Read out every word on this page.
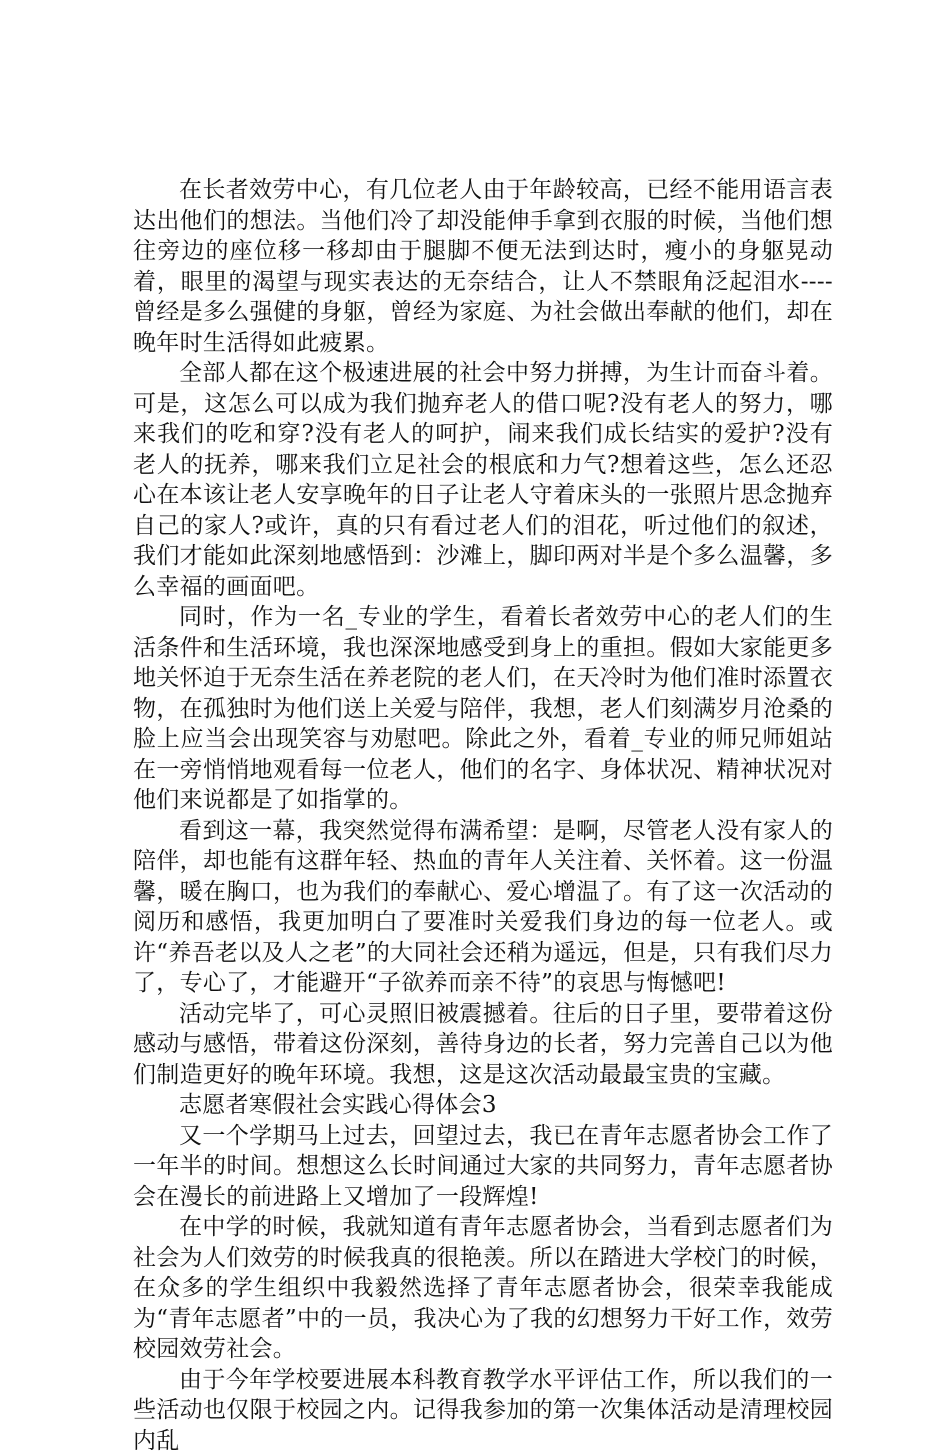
在长者效劳中心，有几位老人由于年龄较高，已经不能用语言表达出他们的想法。当他们冷了却没能伸手拿到衣服的时候，当他们想往旁边的座位移一移却由于腿脚不便无法到达时，瘦小的身躯晃动着，眼里的渴望与现实表达的无奈结合，让人不禁眼角泛起泪水----曾经是多么强健的身躯，曾经为家庭、为社会做出奉献的他们，却在晚年时生活得如此疲累。

全部人都在这个极速进展的社会中努力拼搏，为生计而奋斗着。可是，这怎么可以成为我们抛弃老人的借口呢?没有老人的努力，哪来我们的吃和穿?没有老人的呵护，闹来我们成长结实的爱护?没有老人的抚养，哪来我们立足社会的根底和力气?想着这些，怎么还忍心在本该让老人安享晚年的日子让老人守着床头的一张照片思念抛弃自己的家人?或许，真的只有看过老人们的泪花，听过他们的叙述，我们才能如此深刻地感悟到：沙滩上，脚印两对半是个多么温馨，多么幸福的画面吧。

同时，作为一名_专业的学生，看着长者效劳中心的老人们的生活条件和生活环境，我也深深地感受到身上的重担。假如大家能更多地关怀迫于无奈生活在养老院的老人们，在天冷时为他们准时添置衣物，在孤独时为他们送上关爱与陪伴，我想，老人们刻满岁月沧桑的脸上应当会出现笑容与劝慰吧。除此之外，看着_专业的师兄师姐站在一旁悄悄地观看每一位老人，他们的名字、身体状况、精神状况对他们来说都是了如指掌的。

看到这一幕，我突然觉得布满希望：是啊，尽管老人没有家人的陪伴，却也能有这群年轻、热血的青年人关注着、关怀着。这一份温馨，暖在胸口，也为我们的奉献心、爱心增温了。有了这一次活动的阅历和感悟，我更加明白了要准时关爱我们身边的每一位老人。或许“养吾老以及人之老”的大同社会还稍为遥远，但是，只有我们尽力了，专心了，才能避开“子欲养而亲不待”的哀思与悔憾吧!

活动完毕了，可心灵照旧被震撼着。往后的日子里，要带着这份感动与感悟，带着这份深刻，善待身边的长者，努力完善自己以为他们制造更好的晚年环境。我想，这是这次活动最最宝贵的宝藏。

志愿者寒假社会实践心得体会3

又一个学期马上过去，回望过去，我已在青年志愿者协会工作了一年半的时间。想想这么长时间通过大家的共同努力，青年志愿者协会在漫长的前进路上又增加了一段辉煌!

在中学的时候，我就知道有青年志愿者协会，当看到志愿者们为社会为人们效劳的时候我真的很艳羡。所以在踏进大学校门的时候，在众多的学生组织中我毅然选择了青年志愿者协会，很荣幸我能成为“青年志愿者”中的一员，我决心为了我的幻想努力干好工作，效劳校园效劳社会。

由于今年学校要进展本科教育教学水平评估工作，所以我们的一些活动也仅限于校园之内。记得我参加的第一次集体活动是清理校园内乱
